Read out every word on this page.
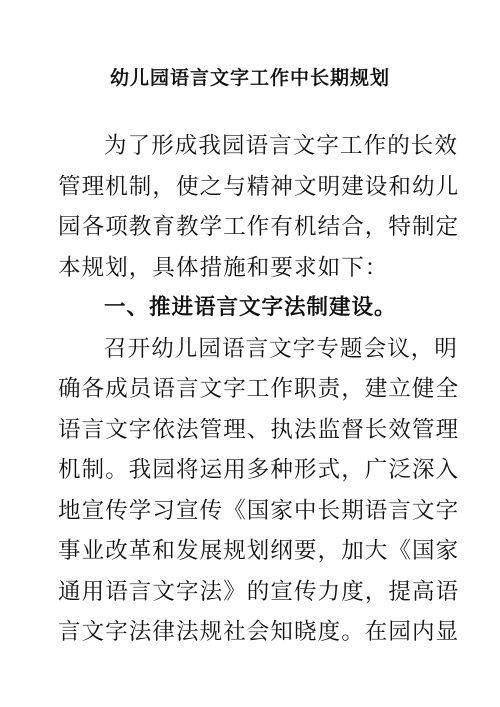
幼儿园语言文字工作中长期规划
为了形成我园语言文字工作的长效
管理机制，使之与精神文明建设和幼儿
园各项教育教学工作有机结合，特制定
本规划，具体措施和要求如下：
一、推进语言文字法制建设。
召开幼儿园语言文字专题会议，明
确各成员语言文字工作职责，建立健全
语言文字依法管理、执法监督长效管理
机制。我园将运用多种形式，广泛深入
地宣传学习宣传《国家中长期语言文字
事业改革和发展规划纲要，加大《国家
通用语言文字法》的宣传力度，提高语
言文字法律法规社会知晓度。在园内显
